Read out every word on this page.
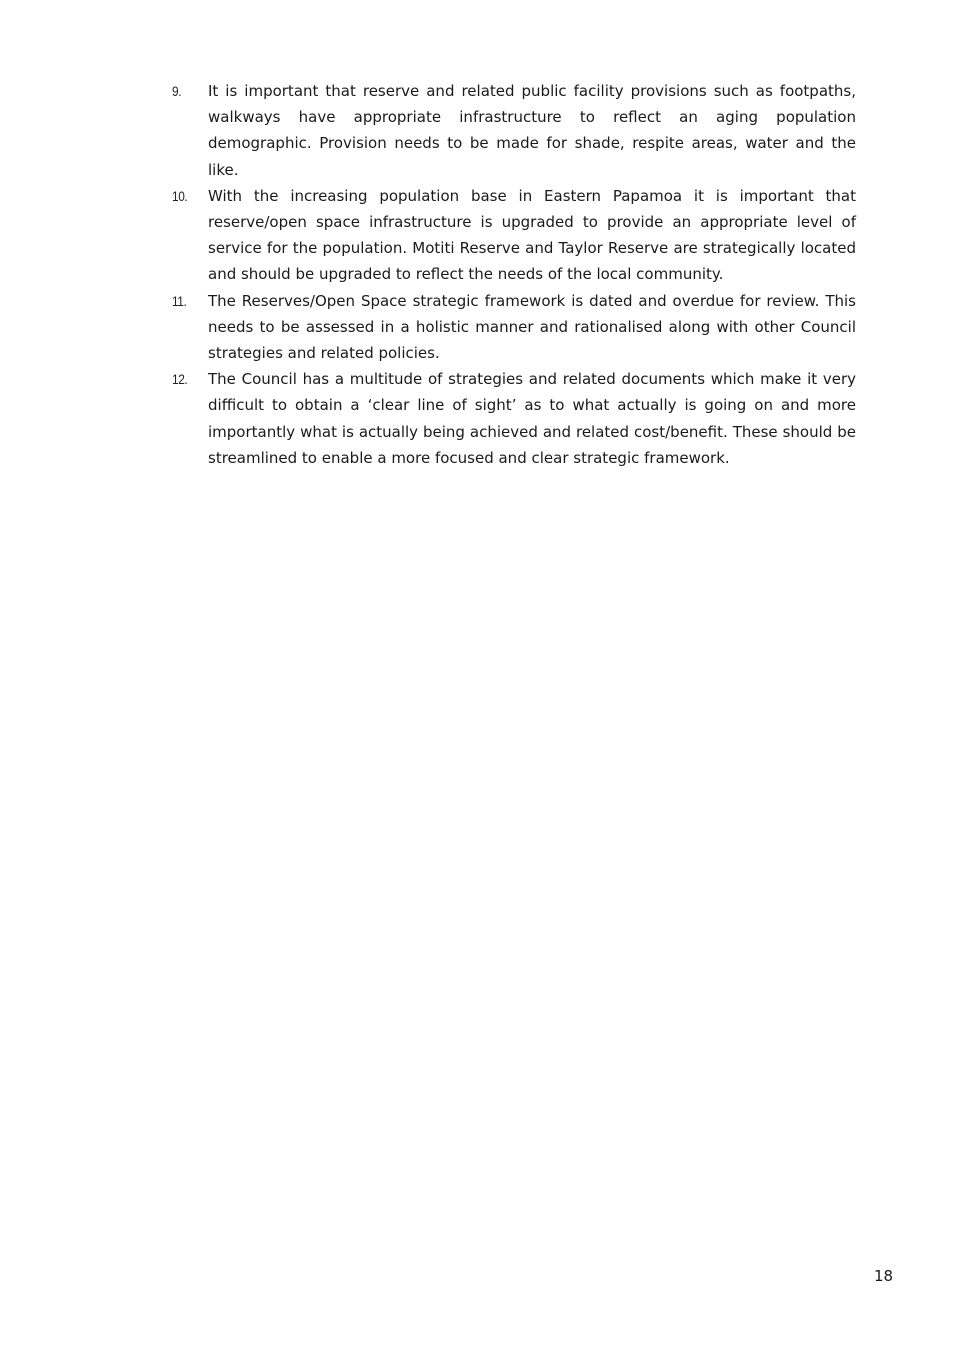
9.	It is important that reserve and related public facility provisions such as footpaths, walkways have appropriate infrastructure to reflect an aging population demographic. Provision needs to be made for shade, respite areas, water and the like.
10.	With the increasing population base in Eastern Papamoa it is important that reserve/open space infrastructure is upgraded to provide an appropriate level of service for the population. Motiti Reserve and Taylor Reserve are strategically located and should be upgraded to reflect the needs of the local community.
11.	The Reserves/Open Space strategic framework is dated and overdue for review. This needs to be assessed in a holistic manner and rationalised along with other Council strategies and related policies.
12.	The Council has a multitude of strategies and related documents which make it very difficult to obtain a ‘clear line of sight’ as to what actually is going on and more importantly what is actually being achieved and related cost/benefit. These should be streamlined to enable a more focused and clear strategic framework.
18
